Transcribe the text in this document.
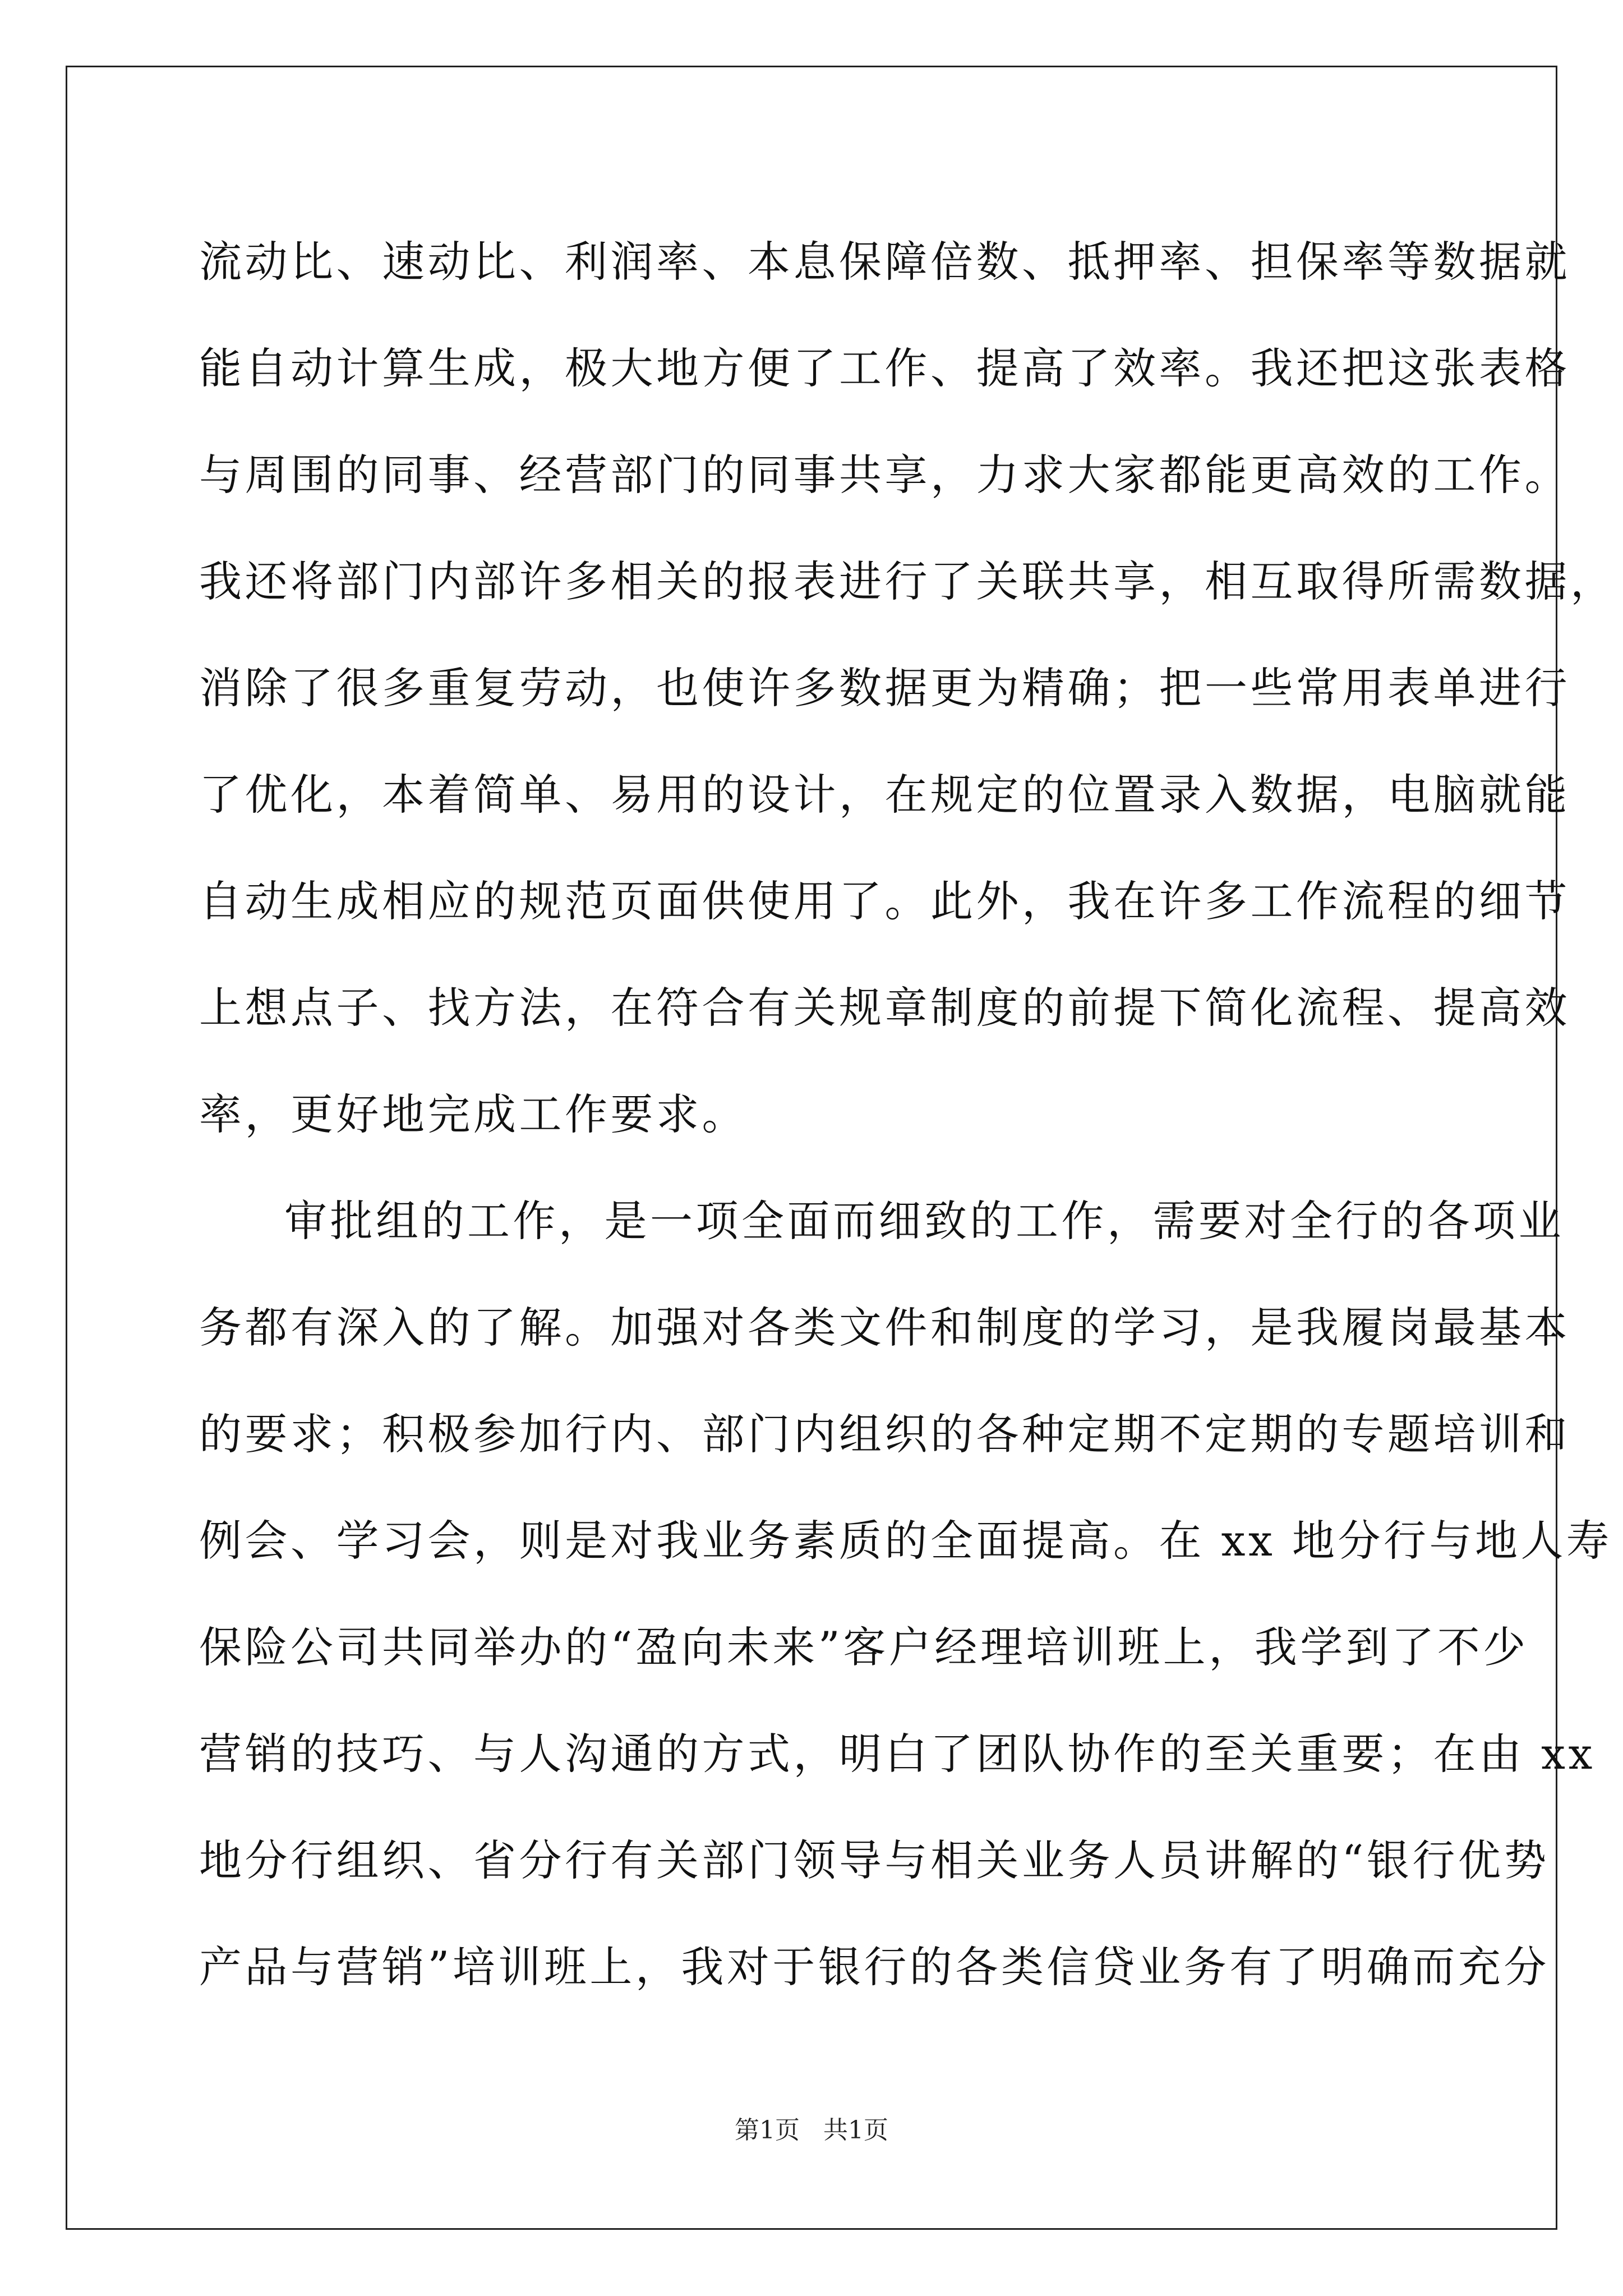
流动比、速动比、利润率、本息保障倍数、抵押率、担保率等数据就
能自动计算生成，极大地方便了工作、提高了效率。我还把这张表格
与周围的同事、经营部门的同事共享，力求大家都能更高效的工作。
我还将部门内部许多相关的报表进行了关联共享，相互取得所需数据，
消除了很多重复劳动，也使许多数据更为精确；把一些常用表单进行
了优化，本着简单、易用的设计，在规定的位置录入数据，电脑就能
自动生成相应的规范页面供使用了。此外，我在许多工作流程的细节
上想点子、找方法，在符合有关规章制度的前提下简化流程、提高效
率，更好地完成工作要求。
审批组的工作，是一项全面而细致的工作，需要对全行的各项业
务都有深入的了解。加强对各类文件和制度的学习，是我履岗最基本
的要求；积极参加行内、部门内组织的各种定期不定期的专题培训和
例会、学习会，则是对我业务素质的全面提高。在 xx 地分行与地人寿
保险公司共同举办的“盈向未来”客户经理培训班上，我学到了不少
营销的技巧、与人沟通的方式，明白了团队协作的至关重要；在由 xx
地分行组织、省分行有关部门领导与相关业务人员讲解的“银行优势
产品与营销”培训班上，我对于银行的各类信贷业务有了明确而充分
第1页 共1页
